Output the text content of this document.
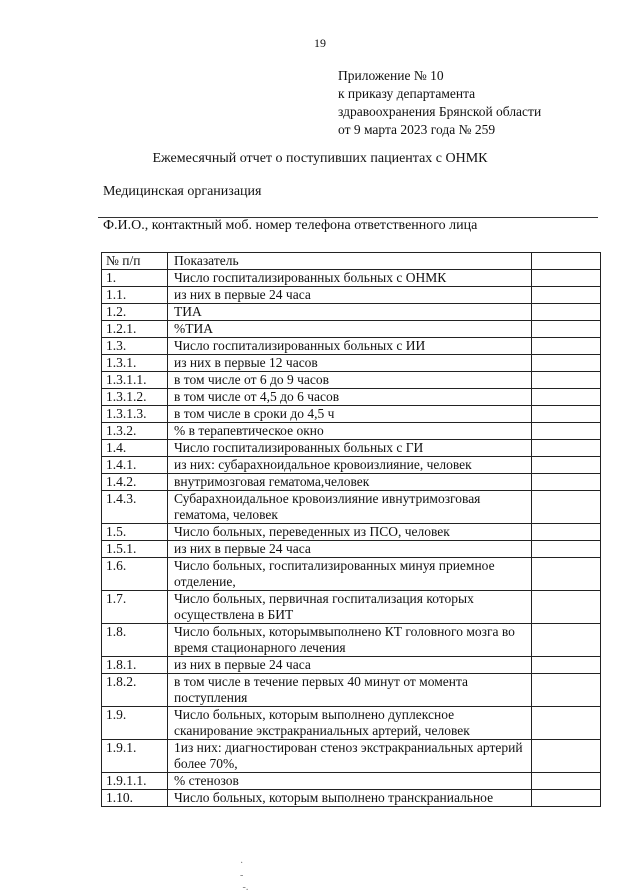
19
Приложение № 10
к приказу департамента
здравоохранения Брянской области
от 9 марта 2023 года № 259
Ежемесячный отчет о поступивших пациентах с ОНМК
Медицинская организация
Ф.И.О., контактный моб. номер телефона ответственного лица
№ п/п	Показатель	
1.	Число госпитализированных больных с ОНМК	
1.1.	из них в первые 24 часа	
1.2.	ТИА	
1.2.1.	%ТИА	
1.3.	Число госпитализированных больных с ИИ	
1.3.1.	из них в первые 12 часов	
1.3.1.1.	в том числе от 6 до 9 часов	
1.3.1.2.	в том числе от 4,5 до 6 часов	
1.3.1.3.	в том числе в сроки до 4,5 ч	
1.3.2.	% в терапевтическое окно	
1.4.	Число госпитализированных больных с ГИ	
1.4.1.	из них: субарахноидальное кровоизлияние, человек	
1.4.2.	внутримозговая гематома,человек	
1.4.3.	Субарахноидальное кровоизлияние ивнутримозговая гематома, человек	
1.5.	Число больных, переведенных из ПСО, человек	
1.5.1.	из них в первые 24 часа	
1.6.	Число больных, госпитализированных минуя приемное отделение,	
1.7.	Число больных, первичная госпитализация которых осуществлена в БИТ	
1.8.	Число больных, которымвыполнено КТ головного мозга во время стационарного лечения	
1.8.1.	из них в первые 24 часа	
1.8.2.	в том числе в течение первых 40 минут от момента поступления	
1.9.	Число больных, которым выполнено дуплексное сканирование экстракраниальных артерий, человек	
1.9.1.	1из них: диагностирован стеноз экстракраниальных артерий более 70%,	
1.9.1.1.	% стенозов	
1.10.	Число больных, которым выполнено транскраниальное	
·
-
-.
